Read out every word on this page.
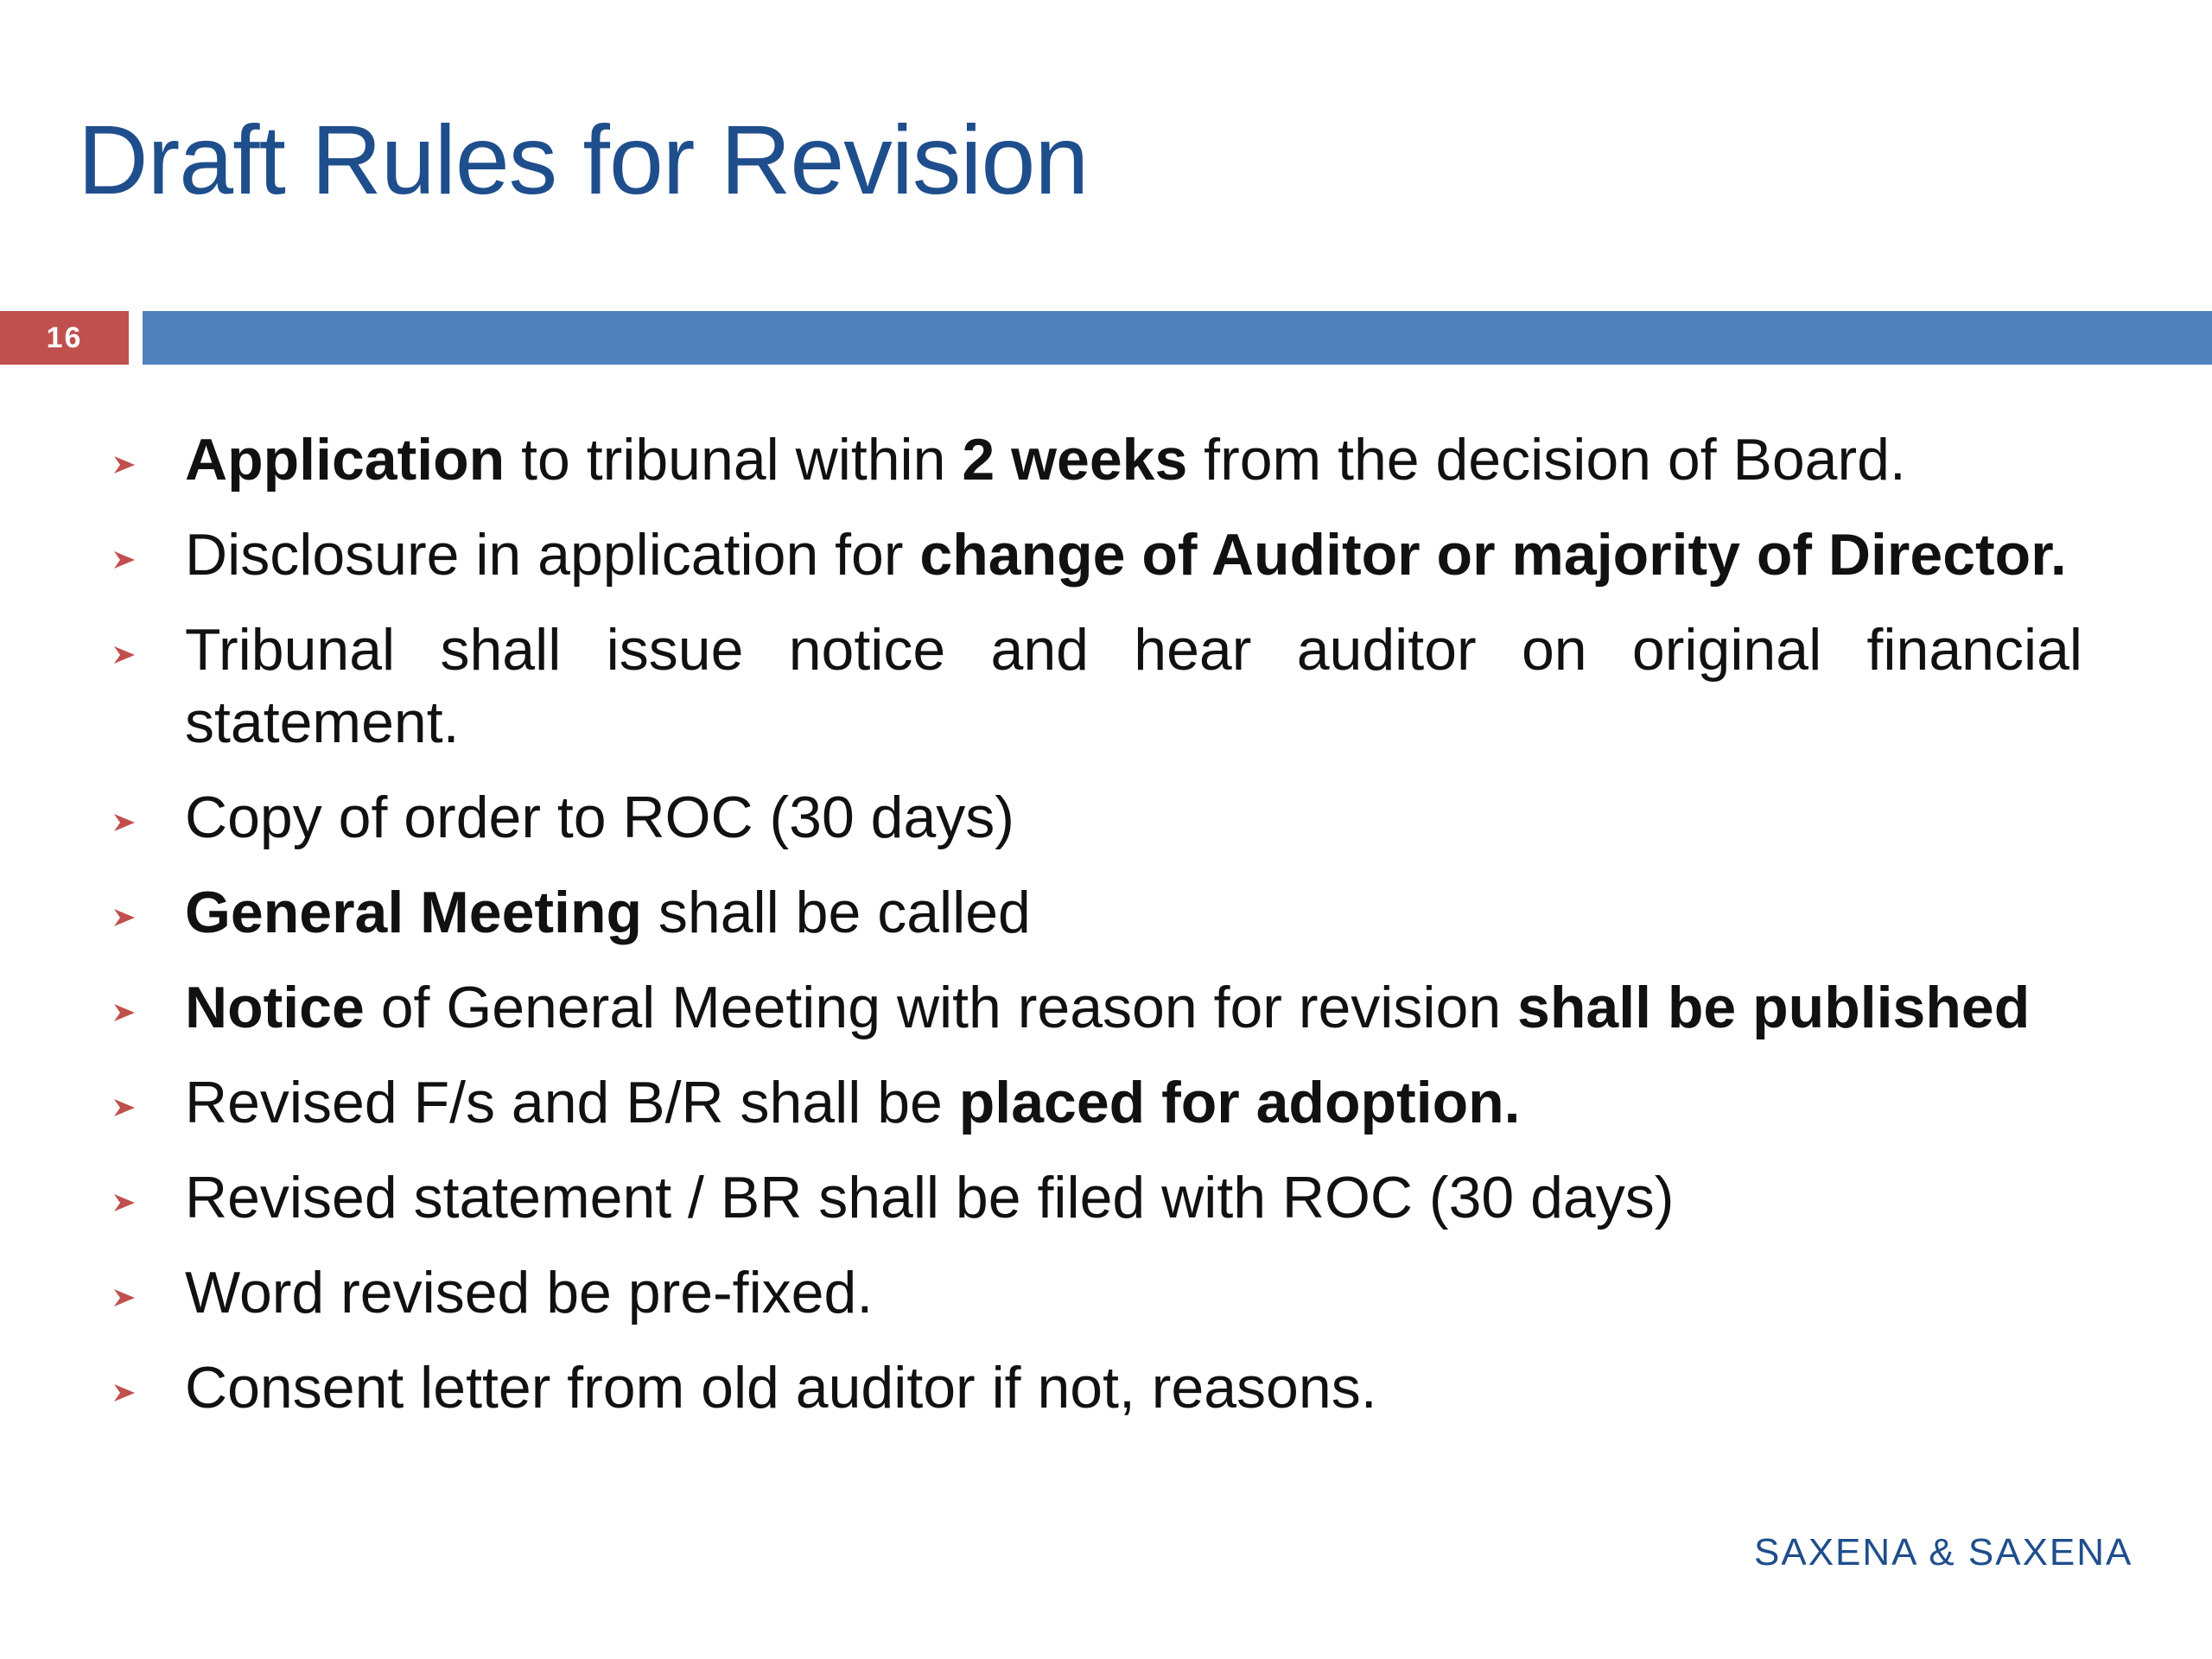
Draft Rules for Revision
16
Application to tribunal within 2 weeks from the decision of Board.
Disclosure in application for change of Auditor or majority of Director.
Tribunal shall issue notice and hear auditor on original financial statement.
Copy of order to ROC (30 days)
General Meeting shall be called
Notice of General Meeting with reason for revision shall be published
Revised F/s and B/R shall be placed for adoption.
Revised statement / BR shall be filed with ROC (30 days)
Word revised be pre-fixed.
Consent letter from old auditor if not, reasons.
SAXENA & SAXENA
